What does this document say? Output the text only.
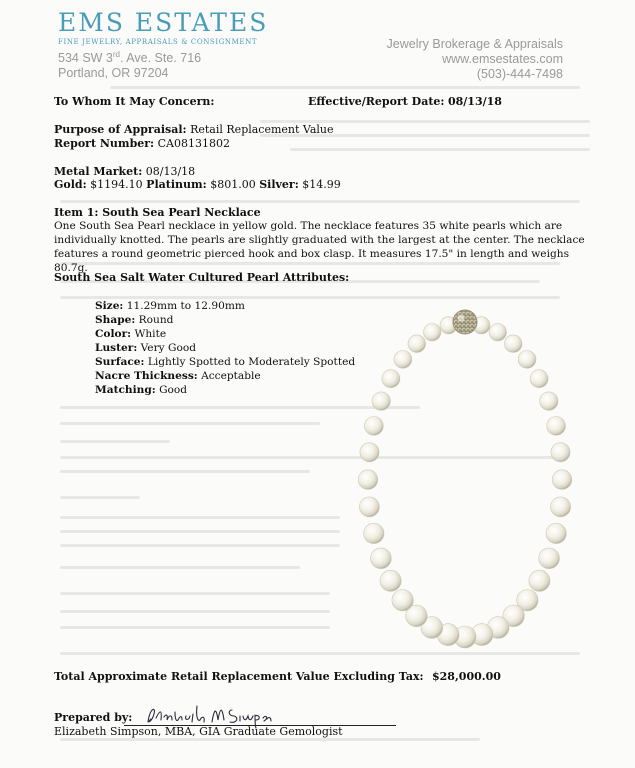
EMS ESTATES
FINE JEWELRY, APPRAISALS & CONSIGNMENT
534 SW 3rd. Ave. Ste. 716
Portland, OR 97204
Jewelry Brokerage & Appraisals
www.emsestates.com
(503)-444-7498
To Whom It May Concern:	Effective/Report Date: 08/13/18
Purpose of Appraisal: Retail Replacement Value
Report Number: CA08131802
Metal Market: 08/13/18
Gold: $1194.10 Platinum: $801.00 Silver: $14.99
Item 1: South Sea Pearl Necklace
One South Sea Pearl necklace in yellow gold. The necklace features 35 white pearls which are individually knotted. The pearls are slightly graduated with the largest at the center. The necklace features a round geometric pierced hook and box clasp. It measures 17.5" in length and weighs 80.7g.
South Sea Salt Water Cultured Pearl Attributes:
Size: 11.29mm to 12.90mm
Shape: Round
Color: White
Luster: Very Good
Surface: Lightly Spotted to Moderately Spotted
Nacre Thickness: Acceptable
Matching: Good
Total Approximate Retail Replacement Value Excluding Tax: $28,000.00
Prepared by:
Elizabeth Simpson, MBA, GIA Graduate Gemologist
